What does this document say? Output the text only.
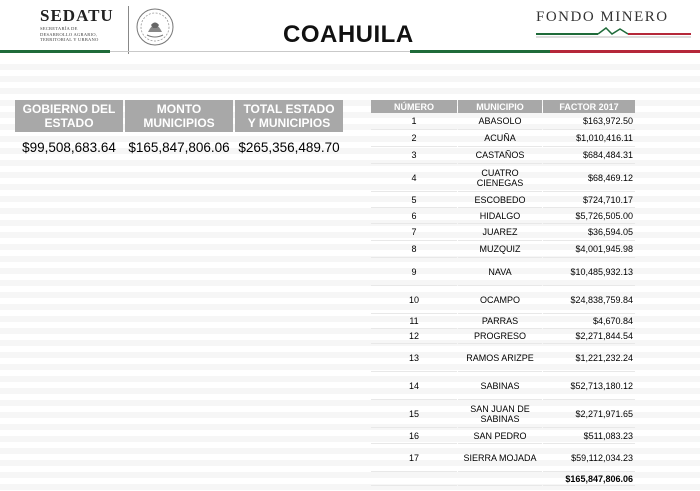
SEDATU
SECRETARÍA DE
DESARROLLO AGRARIO,
TERRITORIAL Y URBANO	COAHUILA
FONDO MINERO
GOBIERNO DEL ESTADO	MONTO MUNICIPIOS	TOTAL ESTADO Y MUNICIPIOS
$99,508,683.64	$165,847,806.06	$265,356,489.70
NÚMERO	MUNICIPIO	FACTOR 2017
1	ABASOLO	$163,972.50
2	ACUÑA	$1,010,416.11
3	CASTAÑOS	$684,484.31
4	CUATRO CIENEGAS	$68,469.12
5	ESCOBEDO	$724,710.17
6	HIDALGO	$5,726,505.00
7	JUAREZ	$36,594.05
8	MUZQUIZ	$4,001,945.98
9	NAVA	$10,485,932.13
10	OCAMPO	$24,838,759.84
11	PARRAS	$4,670.84
12	PROGRESO	$2,271,844.54
13	RAMOS ARIZPE	$1,221,232.24
14	SABINAS	$52,713,180.12
15	SAN JUAN DE SABINAS	$2,271,971.65
16	SAN PEDRO	$511,083.23
17	SIERRA MOJADA	$59,112,034.23
		$165,847,806.06
